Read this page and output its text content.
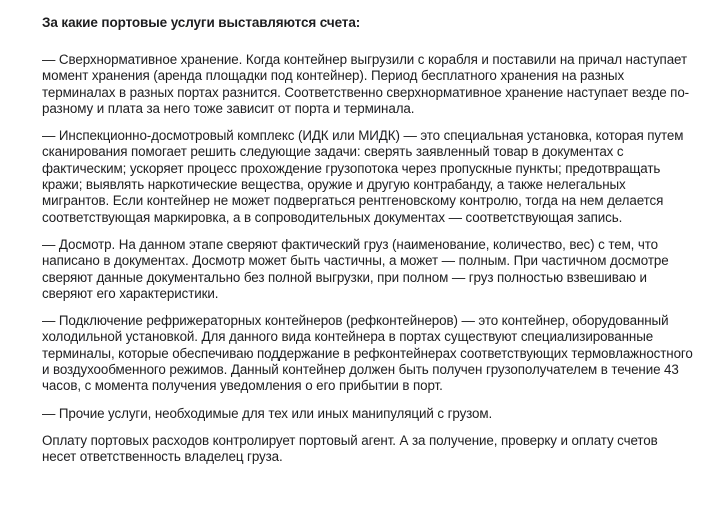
За какие портовые услуги выставляются счета:

— Сверхнормативное хранение. Когда контейнер выгрузили с корабля и поставили на причал наступает момент хранения (аренда площадки под контейнер). Период бесплатного хранения на разных терминалах в разных портах разнится. Соответственно сверхнормативное хранение наступает везде по-разному и плата за него тоже зависит от порта и терминала.

— Инспекционно-досмотровый комплекс (ИДК или МИДК) — это специальная установка, которая путем сканирования помогает решить следующие задачи: сверять заявленный товар в документах с фактическим; ускоряет процесс прохождение грузопотока через пропускные пункты; предотвращать кражи; выявлять наркотические вещества, оружие и другую контрабанду, а также нелегальных мигрантов. Если контейнер не может подвергаться рентгеновскому контролю, тогда на нем делается соответствующая маркировка, а в сопроводительных документах — соответствующая запись.

— Досмотр. На данном этапе сверяют фактический груз (наименование, количество, вес) с тем, что написано в документах. Досмотр может быть частичны, а может — полным. При частичном досмотре сверяют данные документально без полной выгрузки, при полном — груз полностью взвешиваю и сверяют его характеристики.

— Подключение рефрижераторных контейнеров (рефконтейнеров) — это контейнер, оборудованный холодильной установкой. Для данного вида контейнера в портах существуют специализированные терминалы, которые обеспечиваю поддержание в рефконтейнерах соответствующих термовлажностного и воздухообменного режимов. Данный контейнер должен быть получен грузополучателем в течение 43 часов, с момента получения уведомления о его прибытии в порт.

— Прочие услуги, необходимые для тех или иных манипуляций с грузом.

Оплату портовых расходов контролирует портовый агент. А за получение, проверку и оплату счетов несет ответственность владелец груза.
